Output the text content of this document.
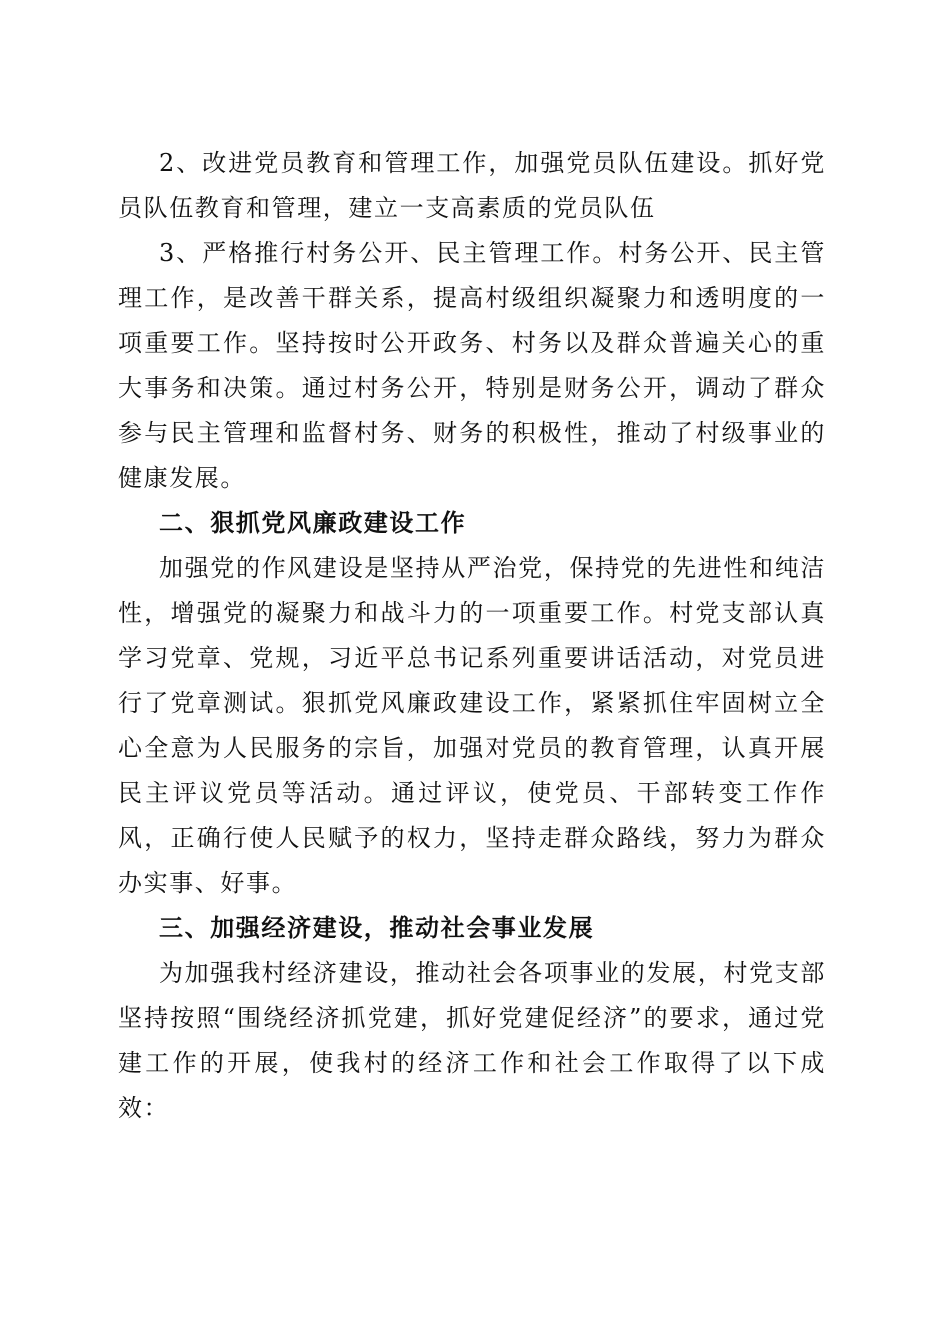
2、改进党员教育和管理工作，加强党员队伍建设。抓好党员队伍教育和管理，建立一支高素质的党员队伍

3、严格推行村务公开、民主管理工作。村务公开、民主管理工作，是改善干群关系，提高村级组织凝聚力和透明度的一项重要工作。坚持按时公开政务、村务以及群众普遍关心的重大事务和决策。通过村务公开，特别是财务公开，调动了群众参与民主管理和监督村务、财务的积极性，推动了村级事业的健康发展。

二、狠抓党风廉政建设工作

加强党的作风建设是坚持从严治党，保持党的先进性和纯洁性，增强党的凝聚力和战斗力的一项重要工作。村党支部认真学习党章、党规，习近平总书记系列重要讲话活动，对党员进行了党章测试。狠抓党风廉政建设工作，紧紧抓住牢固树立全心全意为人民服务的宗旨，加强对党员的教育管理，认真开展民主评议党员等活动。通过评议，使党员、干部转变工作作风，正确行使人民赋予的权力，坚持走群众路线，努力为群众办实事、好事。

三、加强经济建设，推动社会事业发展

为加强我村经济建设，推动社会各项事业的发展，村党支部坚持按照“围绕经济抓党建，抓好党建促经济”的要求，通过党建工作的开展，使我村的经济工作和社会工作取得了以下成效：
